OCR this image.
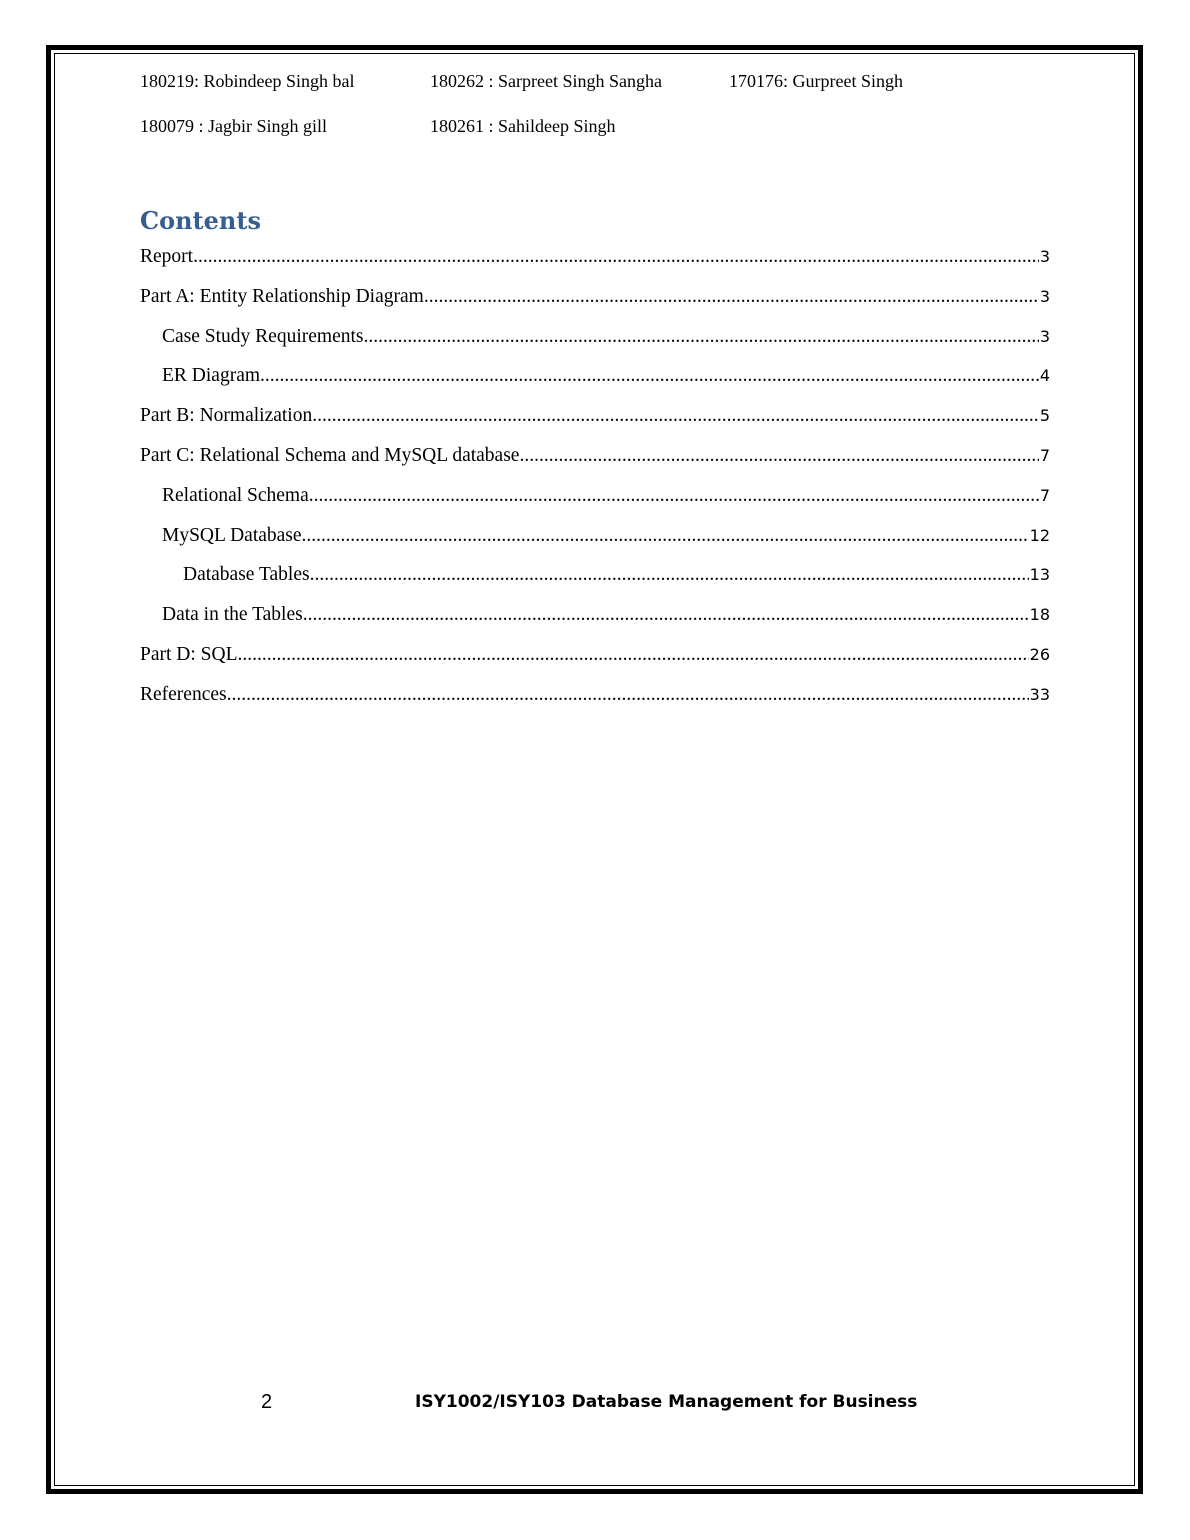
180219: Robindeep Singh bal	180262 : Sarpreet Singh Sangha	170176: Gurpreet Singh
180079 : Jagbir Singh gill	180261 : Sahildeep Singh
Contents
Report .....	3
Part A: Entity Relationship Diagram .....	3
Case Study Requirements .....	3
ER Diagram .....	4
Part B: Normalization .....	5
Part C: Relational Schema and MySQL database .....	7
Relational Schema .....	7
MySQL Database .....	12
Database Tables .....	13
Data in the Tables .....	18
Part D: SQL .....	26
References .....	33
2	ISY1002/ISY103 Database Management for Business
